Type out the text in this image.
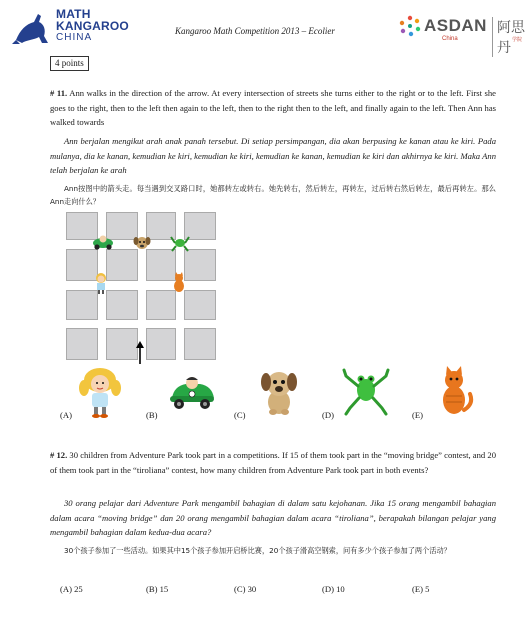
MATH
KANGAROO
CHINA
Kangaroo Math Competition 2013 – Ecolier	ASDAN 阿思丹
China	学院
4 points
# 11. Ann walks in the direction of the arrow. At every intersection of streets she turns either to the right or to the left. First she goes to the right, then to the left then again to the left, then to the right then to the left, and finally again to the left. Then Ann has walked towards
Ann berjalan mengikut arah anak panah tersebut. Di setiap persimpangan, dia akan berpusing ke kanan atau ke kiri. Pada mulanya, dia ke kanan, kemudian ke kiri, kemudian ke kiri, kemudian ke kanan, kemudian ke kiri dan akhirnya ke kiri. Maka Ann telah berjalan ke arah
Ann按图中的箭头走。每当遇到交叉路口时，她都转左或转右。她先转右，然后转左，再转左，过后转右然后转左，最后再转左。那么Ann走向什么？
(A)	(B)	(C)	(D)	(E)
# 12. 30 children from Adventure Park took part in a competitions. If 15 of them took part in the “moving bridge” contest, and 20 of them took part in the “tiroliana” contest, how many children from Adventure Park took part in both events?
30 orang pelajar dari Adventure Park mengambil bahagian di dalam satu kejohanan. Jika 15 orang mengambil bahagian dalam acara “moving bridge” dan 20 orang mengambil bahagian dalam acara “tiroliana”, berapakah bilangan pelajar yang mengambil bahagian dalam kedua-dua acara?
30个孩子参加了一些活动。如果其中15个孩子参加开启桥比赛，20个孩子滑高空钢索，问有多少个孩子参加了两个活动？
(A) 25	(B) 15	(C) 30	(D) 10	(E) 5
